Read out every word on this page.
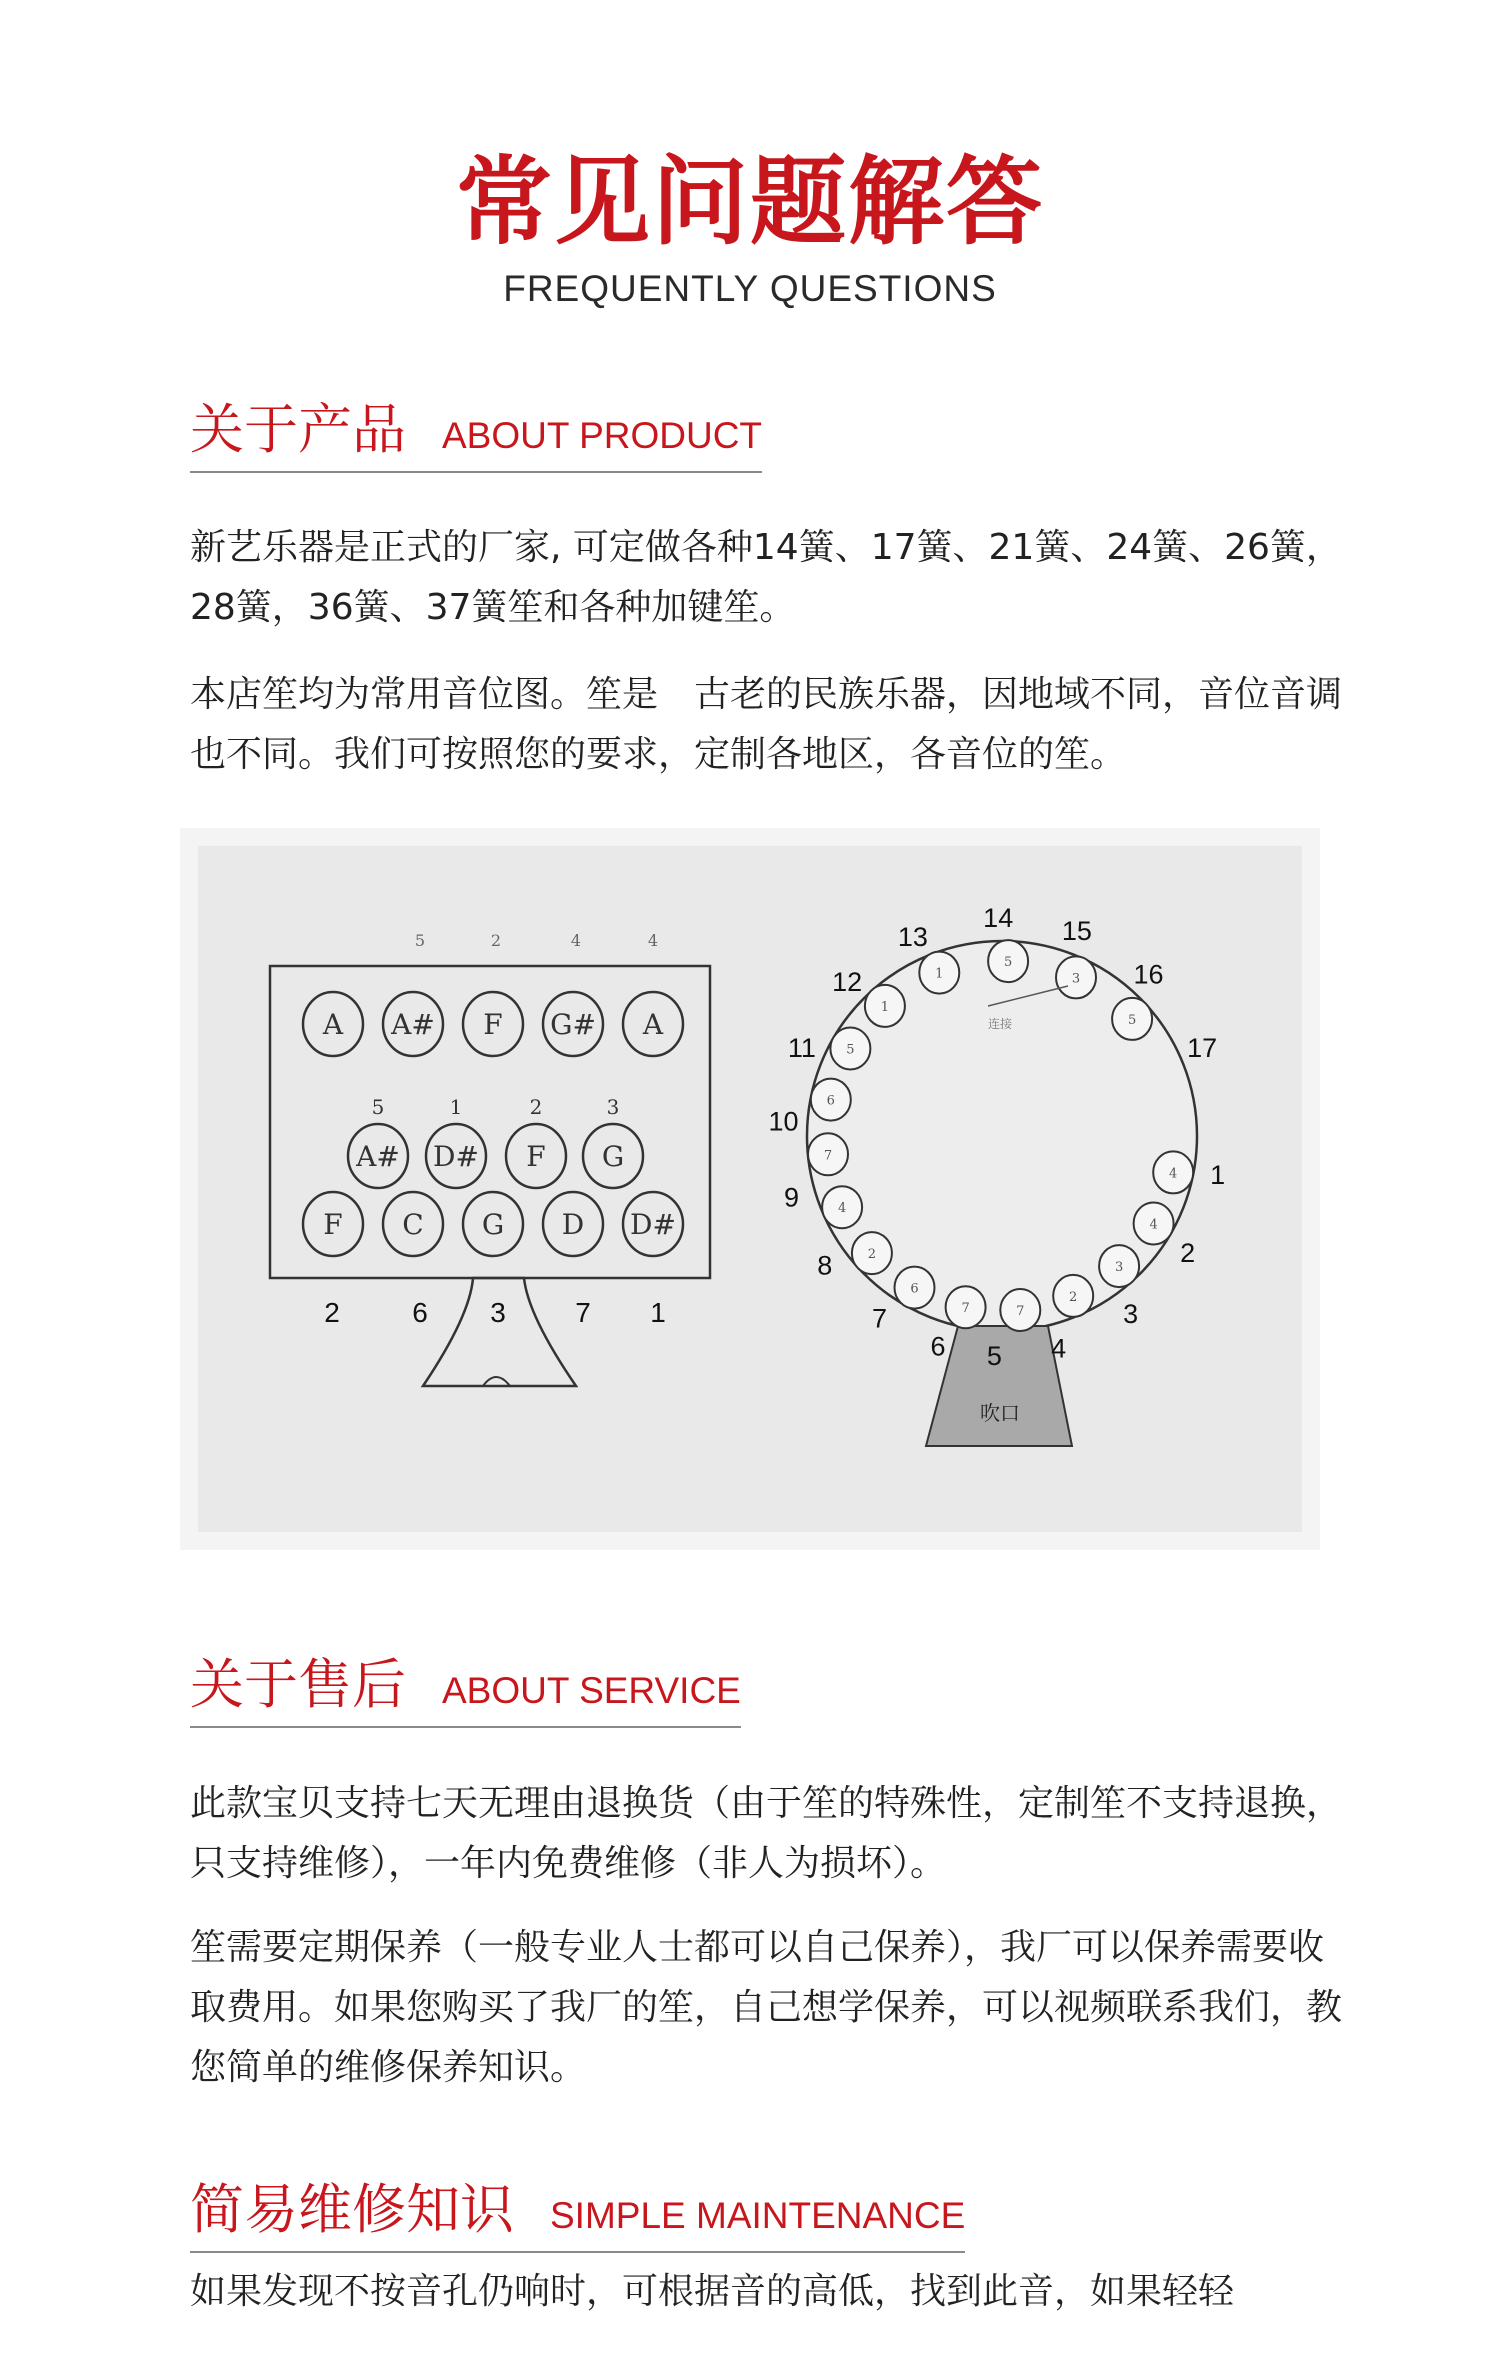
常见问题解答
FREQUENTLY QUESTIONS
关于产品 ABOUT PRODUCT

新艺乐器是正式的厂家, 可定做各种14簧、17簧、21簧、24簧、26簧，28簧，36簧、37簧笙和各种加键笙。

本店笙均为常用音位图。笙是　古老的民族乐器，因地域不同，音位音调也不同。我们可按照您的要求，定制各地区，各音位的笙。

A A# F G# A
A# D# F G
F C G D D#
5	2	4	4
5	1	2	3
2	6 3 7 1
吹口
4 1
4
2
3
3
2
4
7
5
7
6
6
7
2
8
4
9
7
10
6
11 5
12
1
13
1
14
5
15
3 16
5
17
连接
关于售后 ABOUT SERVICE

此款宝贝支持七天无理由退换货（由于笙的特殊性，定制笙不支持退换，只支持维修），一年内免费维修（非人为损坏）。

笙需要定期保养（一般专业人士都可以自己保养），我厂可以保养需要收取费用。如果您购买了我厂的笙，自己想学保养，可以视频联系我们，教您简单的维修保养知识。

简易维修知识 SIMPLE MAINTENANCE
如果发现不按音孔仍响时，可根据音的高低，找到此音，如果轻轻
